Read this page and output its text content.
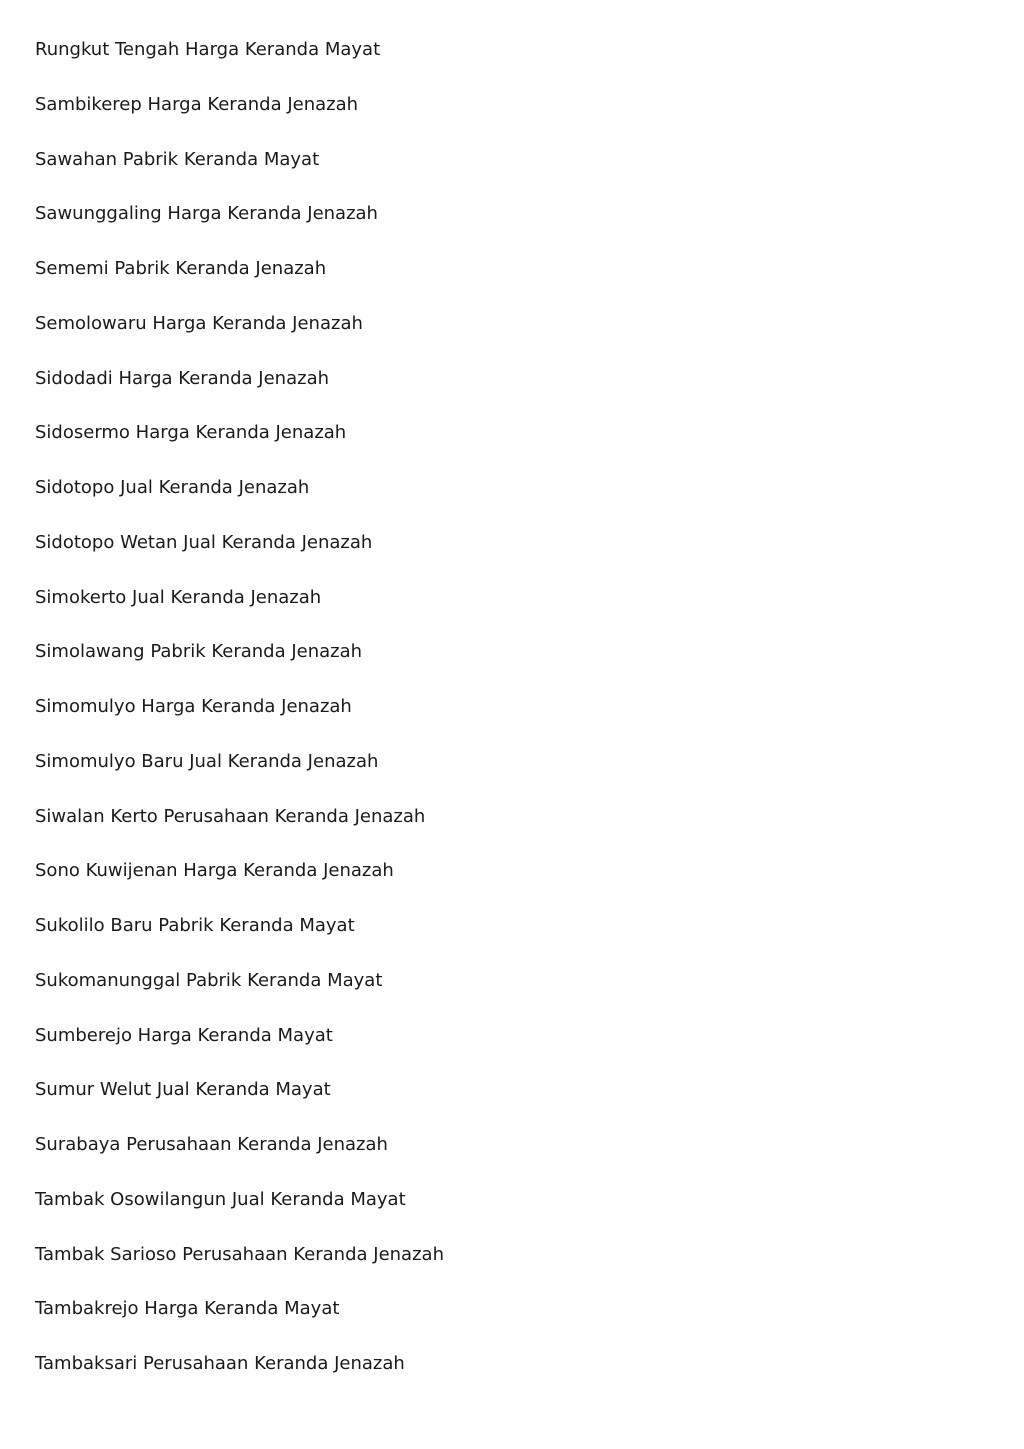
Rungkut Tengah Harga Keranda Mayat
Sambikerep Harga Keranda Jenazah
Sawahan Pabrik Keranda Mayat
Sawunggaling Harga Keranda Jenazah
Sememi Pabrik Keranda Jenazah
Semolowaru Harga Keranda Jenazah
Sidodadi Harga Keranda Jenazah
Sidosermo Harga Keranda Jenazah
Sidotopo Jual Keranda Jenazah
Sidotopo Wetan Jual Keranda Jenazah
Simokerto Jual Keranda Jenazah
Simolawang Pabrik Keranda Jenazah
Simomulyo Harga Keranda Jenazah
Simomulyo Baru Jual Keranda Jenazah
Siwalan Kerto Perusahaan Keranda Jenazah
Sono Kuwijenan Harga Keranda Jenazah
Sukolilo Baru Pabrik Keranda Mayat
Sukomanunggal Pabrik Keranda Mayat
Sumberejo Harga Keranda Mayat
Sumur Welut Jual Keranda Mayat
Surabaya Perusahaan Keranda Jenazah
Tambak Osowilangun Jual Keranda Mayat
Tambak Sarioso Perusahaan Keranda Jenazah
Tambakrejo Harga Keranda Mayat
Tambaksari Perusahaan Keranda Jenazah
